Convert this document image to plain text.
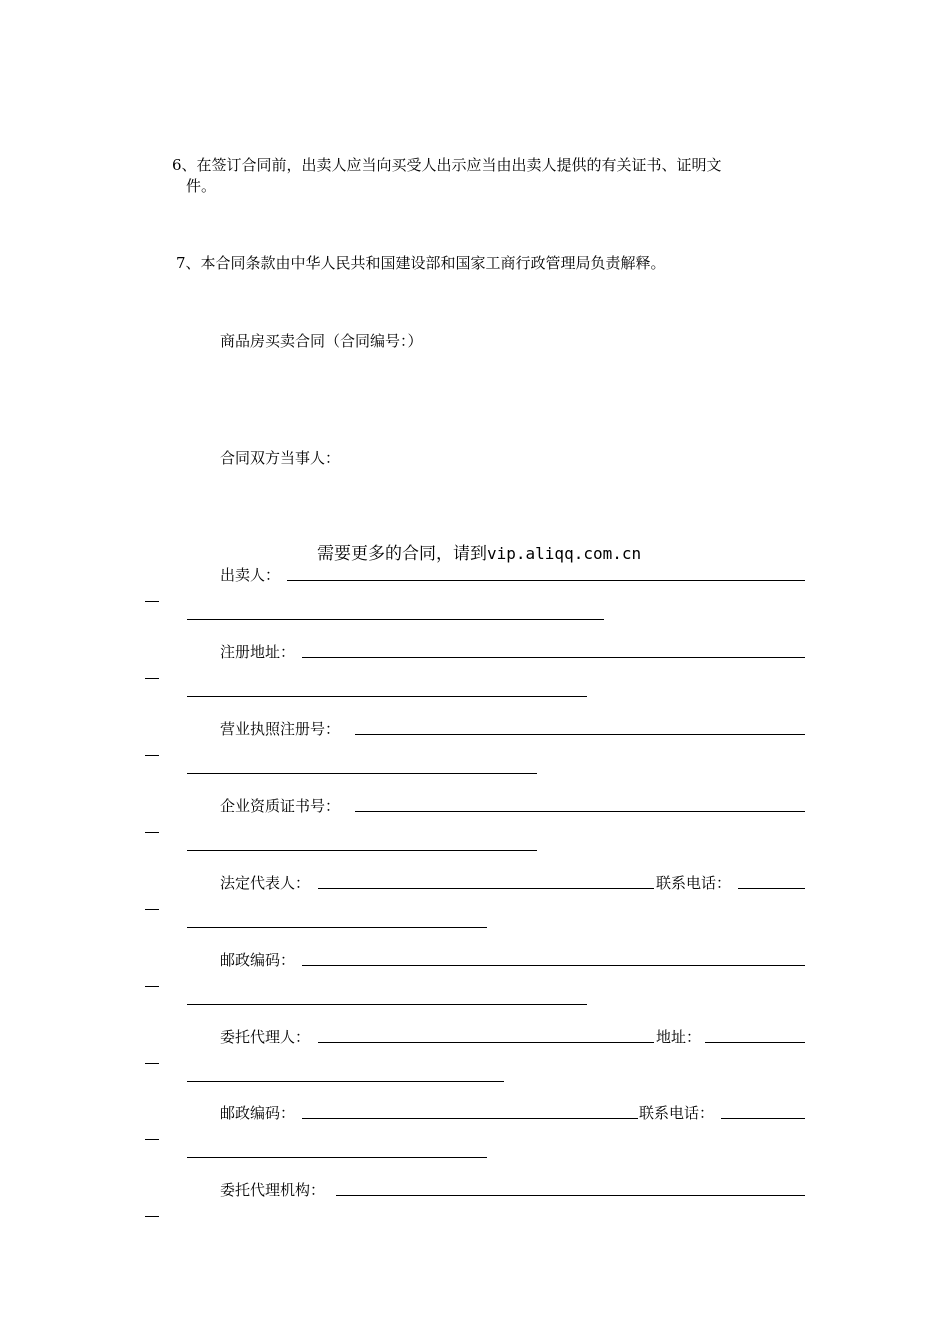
6、在签订合同前，出卖人应当向买受人出示应当由出卖人提供的有关证书、证明文
件。
7、本合同条款由中华人民共和国建设部和国家工商行政管理局负责解释。
商品房买卖合同（合同编号：）
合同双方当事人：
需要更多的合同，请到vip.aliqq.com.cn
出卖人：
注册地址：
营业执照注册号：
企业资质证书号：
法定代表人：	联系电话：
邮政编码：
委托代理人：	地址：
邮政编码：	联系电话：
委托代理机构：
